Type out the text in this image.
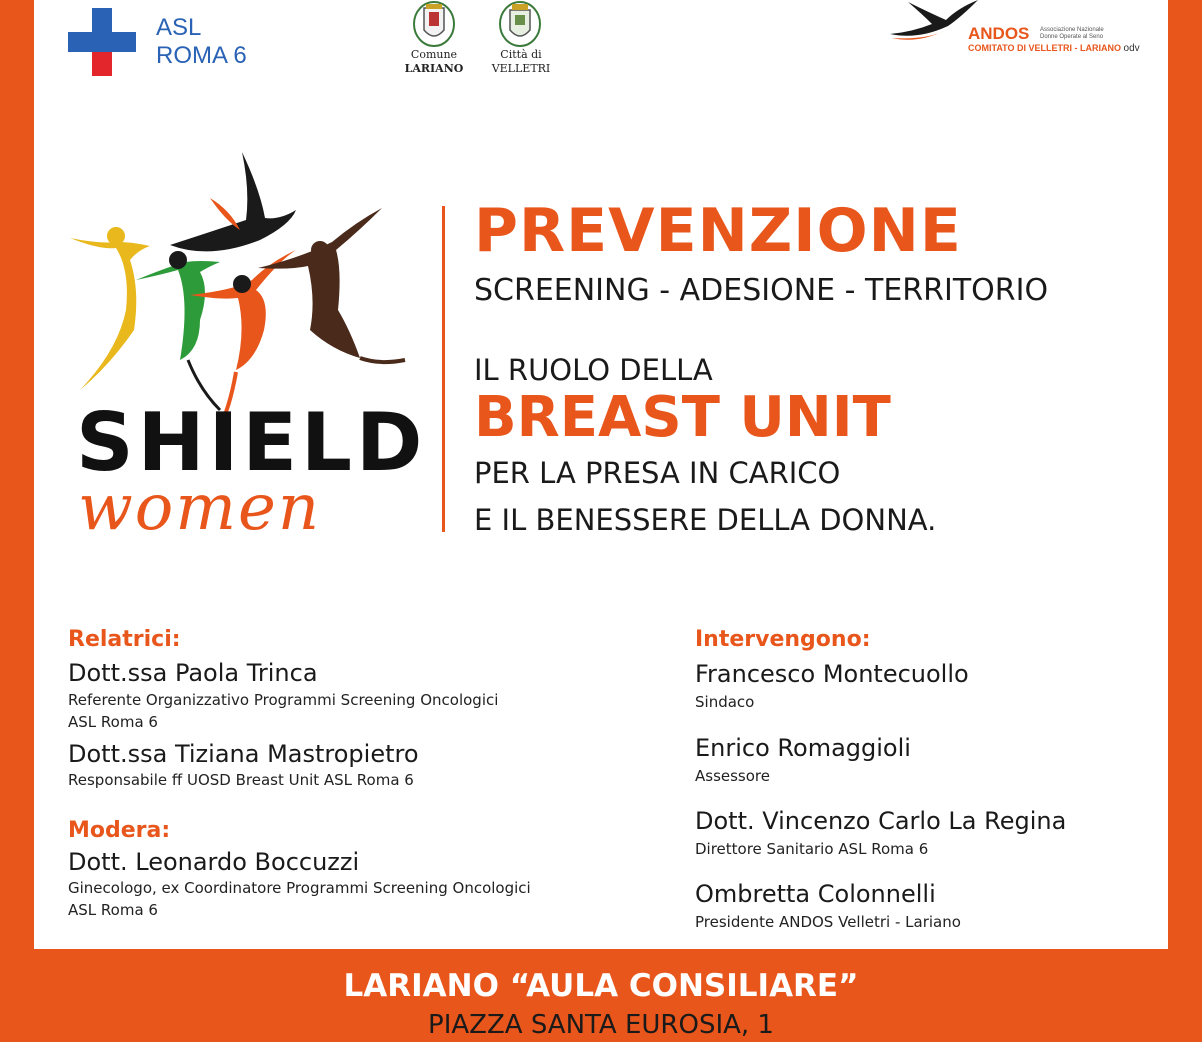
ASL
ROMA 6	Comune
LARIANO
Città di
VELLETRI
ANDOS Associazione Nazionale Donne Operate al Seno
COMITATO DI VELLETRI - LARIANO odv
SHIELD
women
PREVENZIONE
SCREENING - ADESIONE - TERRITORIO
IL RUOLO DELLA
BREAST UNIT
PER LA PRESA IN CARICO
E IL BENESSERE DELLA DONNA.
Relatrici:
Dott.ssa Paola Trinca
Referente Organizzativo Programmi Screening Oncologici
ASL Roma 6
Dott.ssa Tiziana Mastropietro
Responsabile ff UOSD Breast Unit ASL Roma 6
Modera:
Dott. Leonardo Boccuzzi
Ginecologo, ex Coordinatore Programmi Screening Oncologici
ASL Roma 6
Intervengono:
Francesco Montecuollo
Sindaco
Enrico Romaggioli
Assessore
Dott. Vincenzo Carlo La Regina
Direttore Sanitario ASL Roma 6
Ombretta Colonnelli
Presidente ANDOS Velletri - Lariano
LARIANO “AULA CONSILIARE”
PIAZZA SANTA EUROSIA, 1
